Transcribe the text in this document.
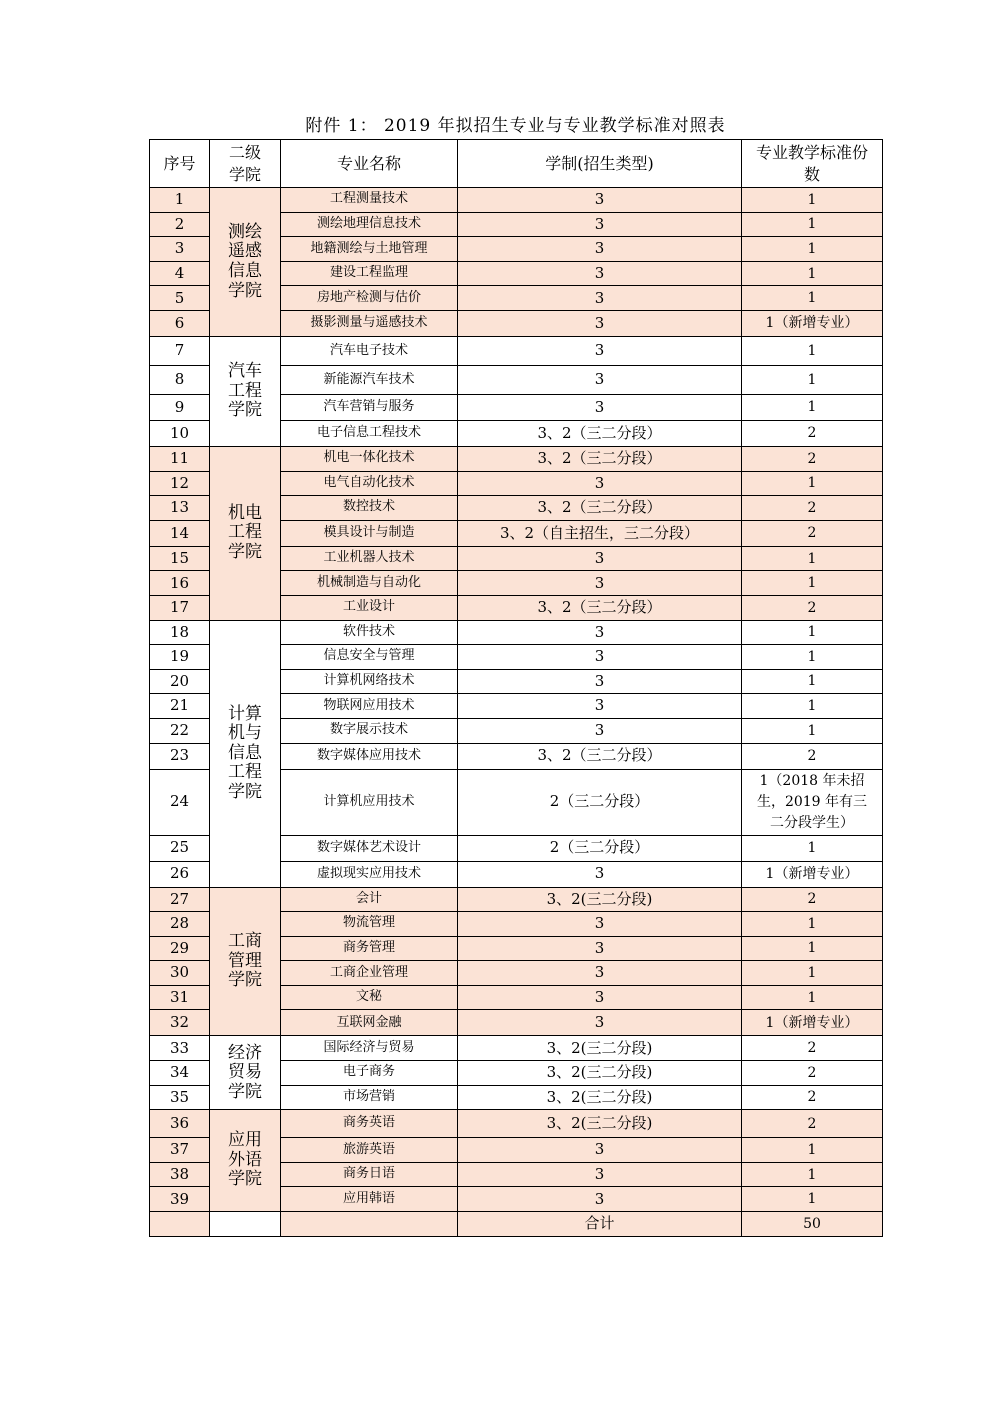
附件 1： 2019 年拟招生专业与专业教学标准对照表
序号	二级学院	专业名称	学制(招生类型)	专业教学标准份数
1	测绘遥感信息学院	工程测量技术	3	1
2		测绘地理信息技术	3	1
3		地籍测绘与土地管理	3	1
4		建设工程监理	3	1
5		房地产检测与估价	3	1
6		摄影测量与遥感技术	3	1（新增专业）
7	汽车工程学院	汽车电子技术	3	1
8		新能源汽车技术	3	1
9		汽车营销与服务	3	1
10		电子信息工程技术	3、2（三二分段）	2
11	机电工程学院	机电一体化技术	3、2（三二分段）	2
12		电气自动化技术	3	1
13		数控技术	3、2（三二分段）	2
14		模具设计与制造	3、2（自主招生，三二分段）	2
15		工业机器人技术	3	1
16		机械制造与自动化	3	1
17		工业设计	3、2（三二分段）	2
18	计算机与信息工程学院	软件技术	3	1
19		信息安全与管理	3	1
20		计算机网络技术	3	1
21		物联网应用技术	3	1
22		数字展示技术	3	1
23		数字媒体应用技术	3、2（三二分段）	2
24		计算机应用技术	2（三二分段）	1（2018 年未招生，2019 年有三二分段学生）
25		数字媒体艺术设计	2（三二分段）	1
26		虚拟现实应用技术	3	1（新增专业）
27	工商管理学院	会计	3、2(三二分段)	2
28		物流管理	3	1
29		商务管理	3	1
30		工商企业管理	3	1
31		文秘	3	1
32		互联网金融	3	1（新增专业）
33	经济贸易学院	国际经济与贸易	3、2(三二分段)	2
34		电子商务	3、2(三二分段)	2
35		市场营销	3、2(三二分段)	2
36	应用外语学院	商务英语	3、2(三二分段)	2
37		旅游英语	3	1
38		商务日语	3	1
39		应用韩语	3	1
			合计	50
